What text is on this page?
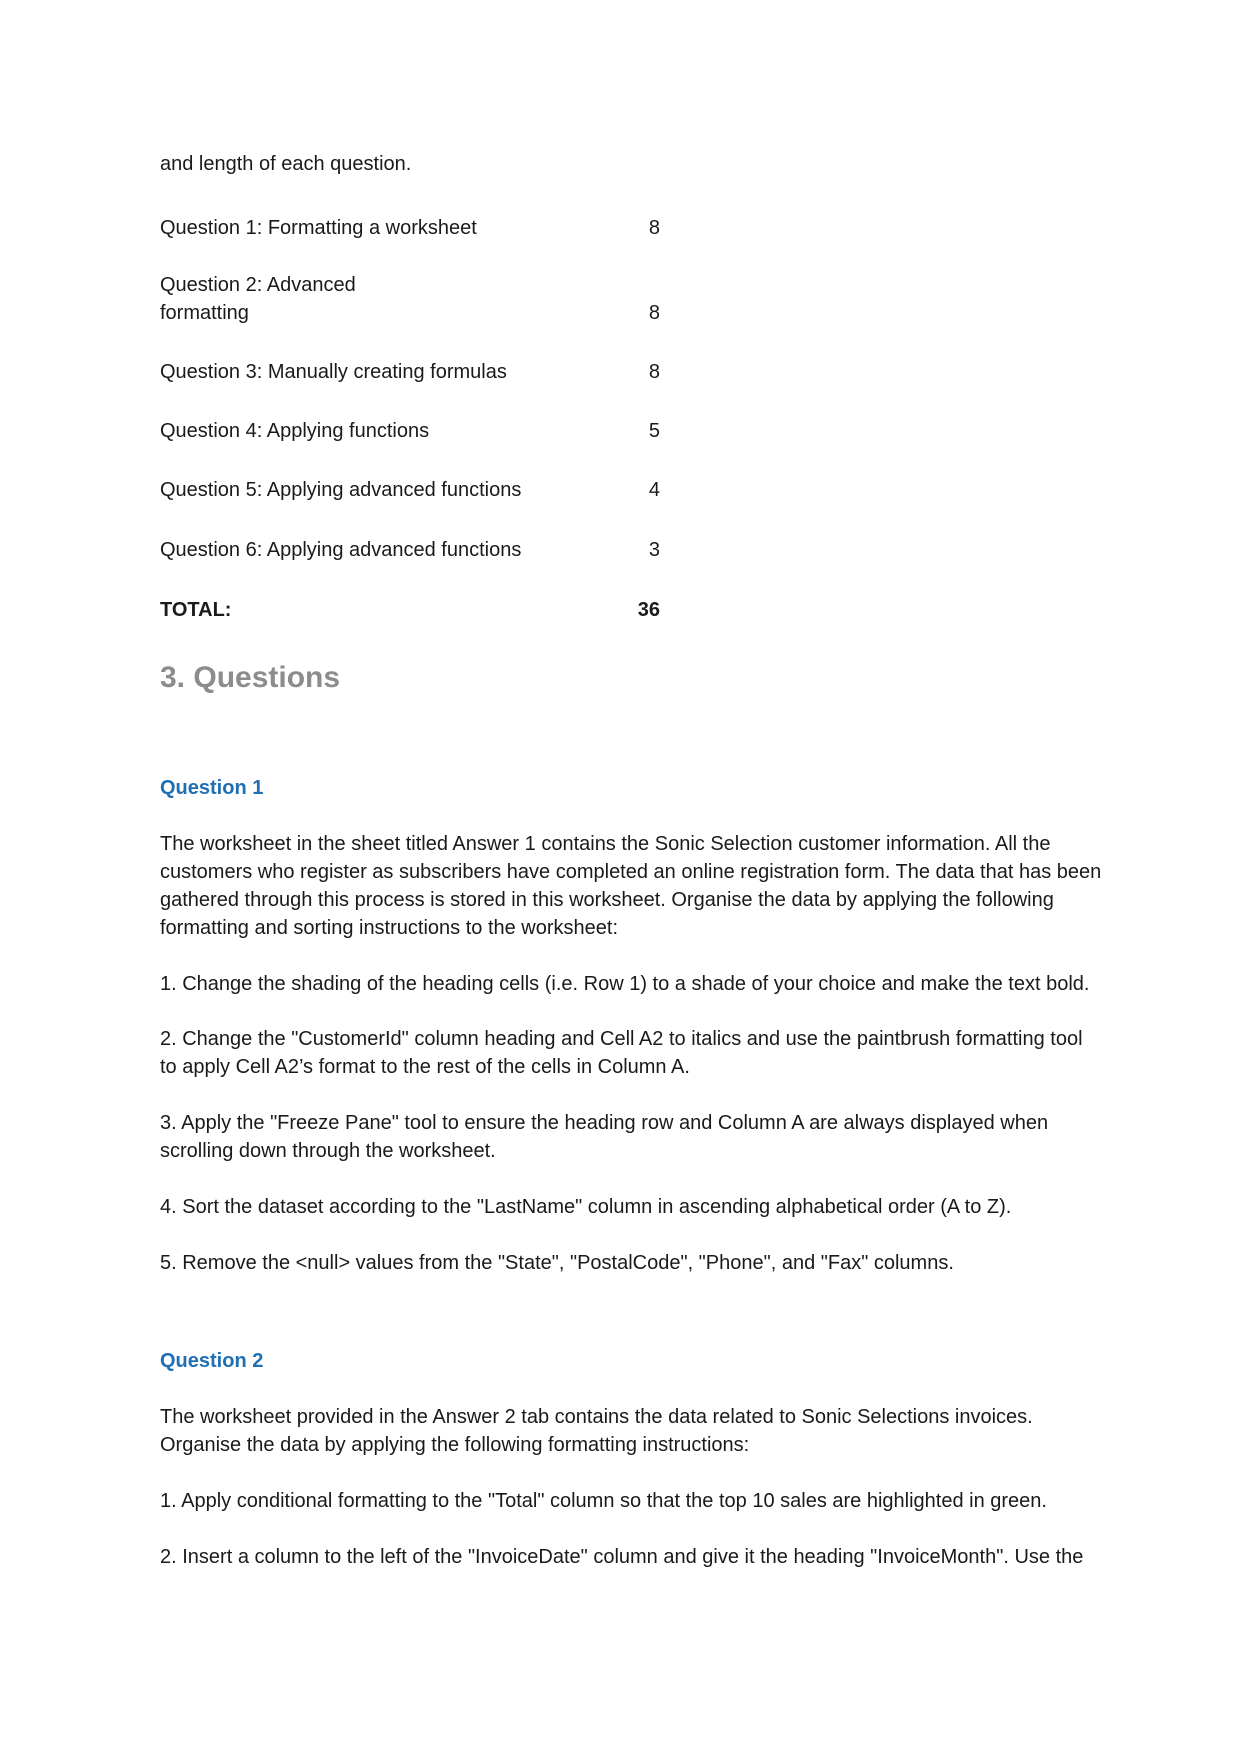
and length of each question.

Question 1: Formatting a worksheet	8
Question 2: Advanced
formatting	8
Question 3: Manually creating formulas	8
Question 4: Applying functions	5
Question 5: Applying advanced functions	4
Question 6: Applying advanced functions	3
TOTAL:	36
3. Questions
Question 1

The worksheet in the sheet titled Answer 1 contains the Sonic Selection customer information. All the

customers who register as subscribers have completed an online registration form. The data that has been

gathered through this process is stored in this worksheet. Organise the data by applying the following

formatting and sorting instructions to the worksheet:

1. Change the shading of the heading cells (i.e. Row 1) to a shade of your choice and make the text bold.

2. Change the "CustomerId" column heading and Cell A2 to italics and use the paintbrush formatting tool

to apply Cell A2’s format to the rest of the cells in Column A.

3. Apply the "Freeze Pane" tool to ensure the heading row and Column A are always displayed when

scrolling down through the worksheet.

4. Sort the dataset according to the "LastName" column in ascending alphabetical order (A to Z).

5. Remove the <null> values from the "State", "PostalCode", "Phone", and "Fax" columns.

Question 2

The worksheet provided in the Answer 2 tab contains the data related to Sonic Selections invoices.

Organise the data by applying the following formatting instructions:

1. Apply conditional formatting to the "Total" column so that the top 10 sales are highlighted in green.

2. Insert a column to the left of the "InvoiceDate" column and give it the heading "InvoiceMonth". Use the
